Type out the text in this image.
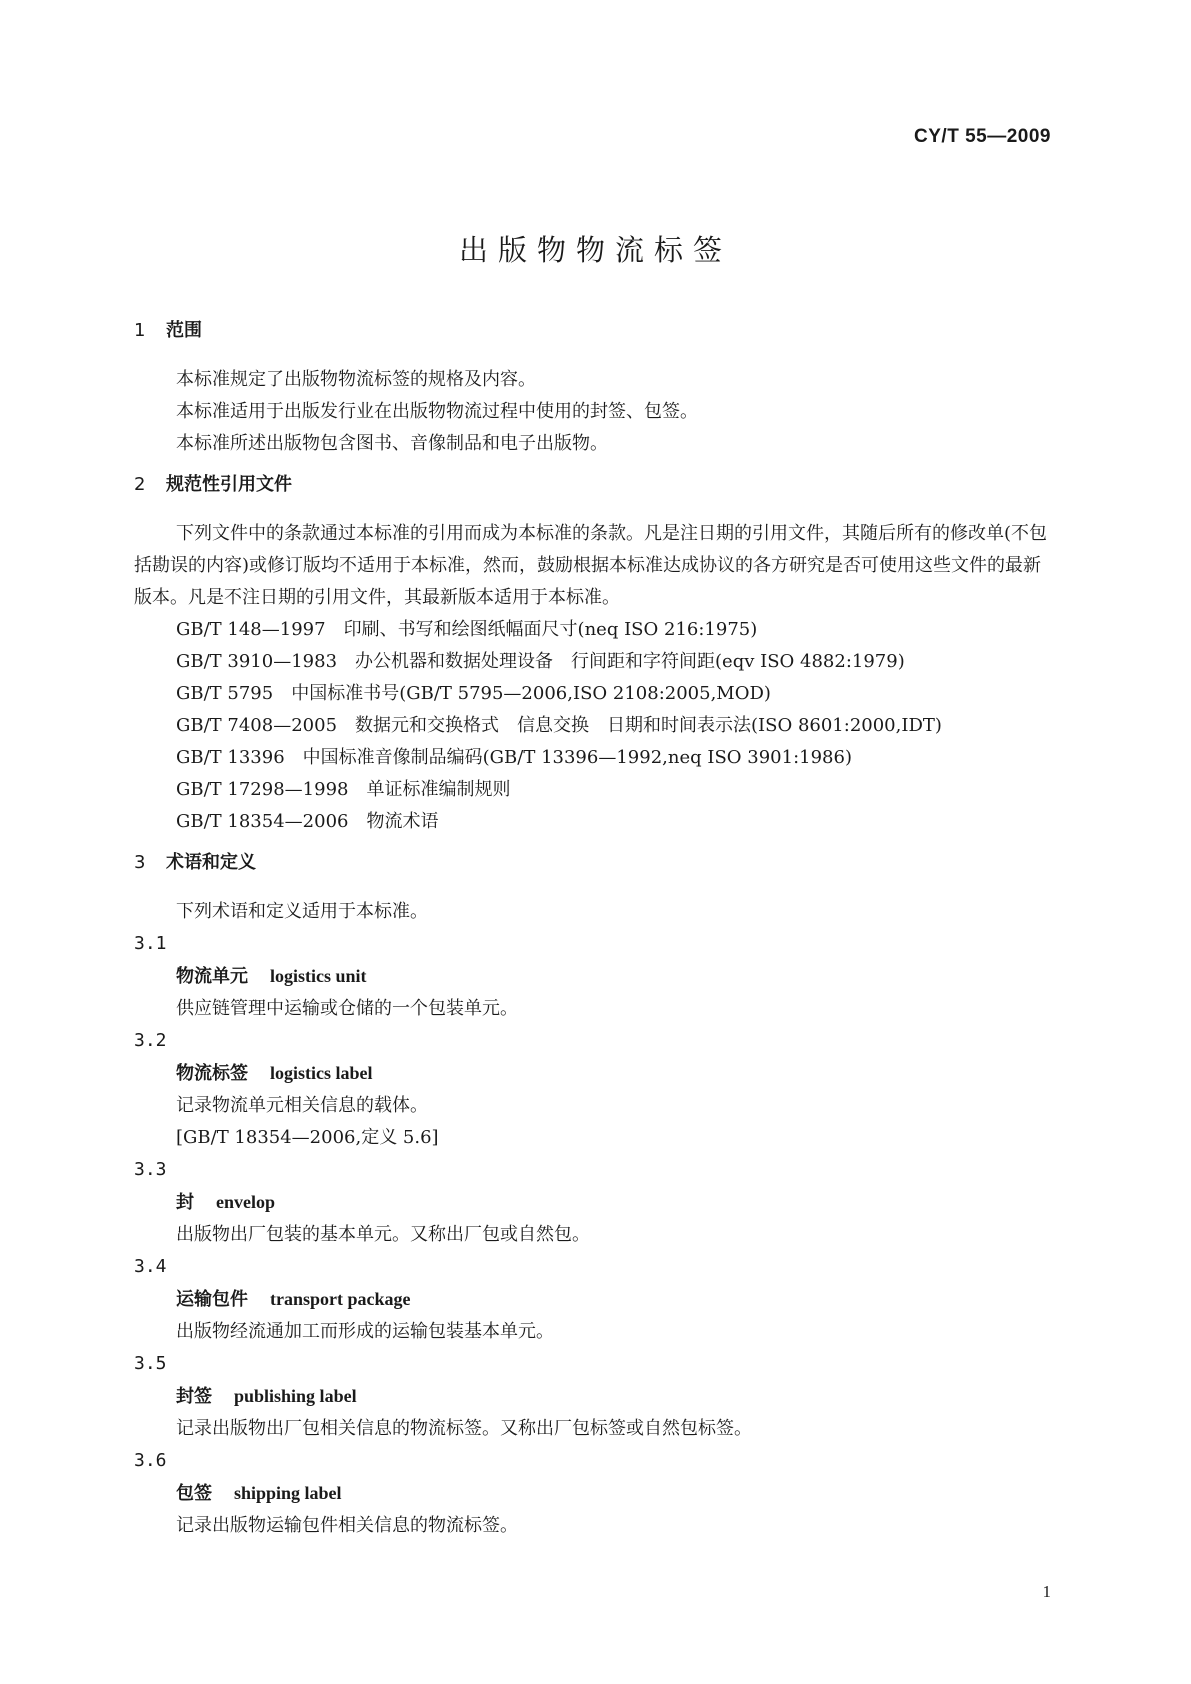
CY/T 55—2009
出版物物流标签
1 范围

本标准规定了出版物物流标签的规格及内容。

本标准适用于出版发行业在出版物物流过程中使用的封签、包签。

本标准所述出版物包含图书、音像制品和电子出版物。

2 规范性引用文件

下列文件中的条款通过本标准的引用而成为本标准的条款。凡是注日期的引用文件，其随后所有的修改单(不包括勘误的内容)或修订版均不适用于本标准，然而，鼓励根据本标准达成协议的各方研究是否可使用这些文件的最新版本。凡是不注日期的引用文件，其最新版本适用于本标准。

GB/T 148—1997　印刷、书写和绘图纸幅面尺寸(neq ISO 216:1975)
GB/T 3910—1983　办公机器和数据处理设备　行间距和字符间距(eqv ISO 4882:1979)
GB/T 5795　中国标准书号(GB/T 5795—2006,ISO 2108:2005,MOD)
GB/T 7408—2005　数据元和交换格式　信息交换　日期和时间表示法(ISO 8601:2000,IDT)
GB/T 13396　中国标准音像制品编码(GB/T 13396—1992,neq ISO 3901:1986)
GB/T 17298—1998　单证标准编制规则
GB/T 18354—2006　物流术语
3 术语和定义

下列术语和定义适用于本标准。

3.1

物流单元 logistics unit

供应链管理中运输或仓储的一个包装单元。

3.2

物流标签 logistics label

记录物流单元相关信息的载体。

[GB/T 18354—2006,定义 5.6]

3.3

封 envelop

出版物出厂包装的基本单元。又称出厂包或自然包。

3.4

运输包件 transport package

出版物经流通加工而形成的运输包装基本单元。

3.5

封签 publishing label

记录出版物出厂包相关信息的物流标签。又称出厂包标签或自然包标签。

3.6

包签 shipping label

记录出版物运输包件相关信息的物流标签。

1
